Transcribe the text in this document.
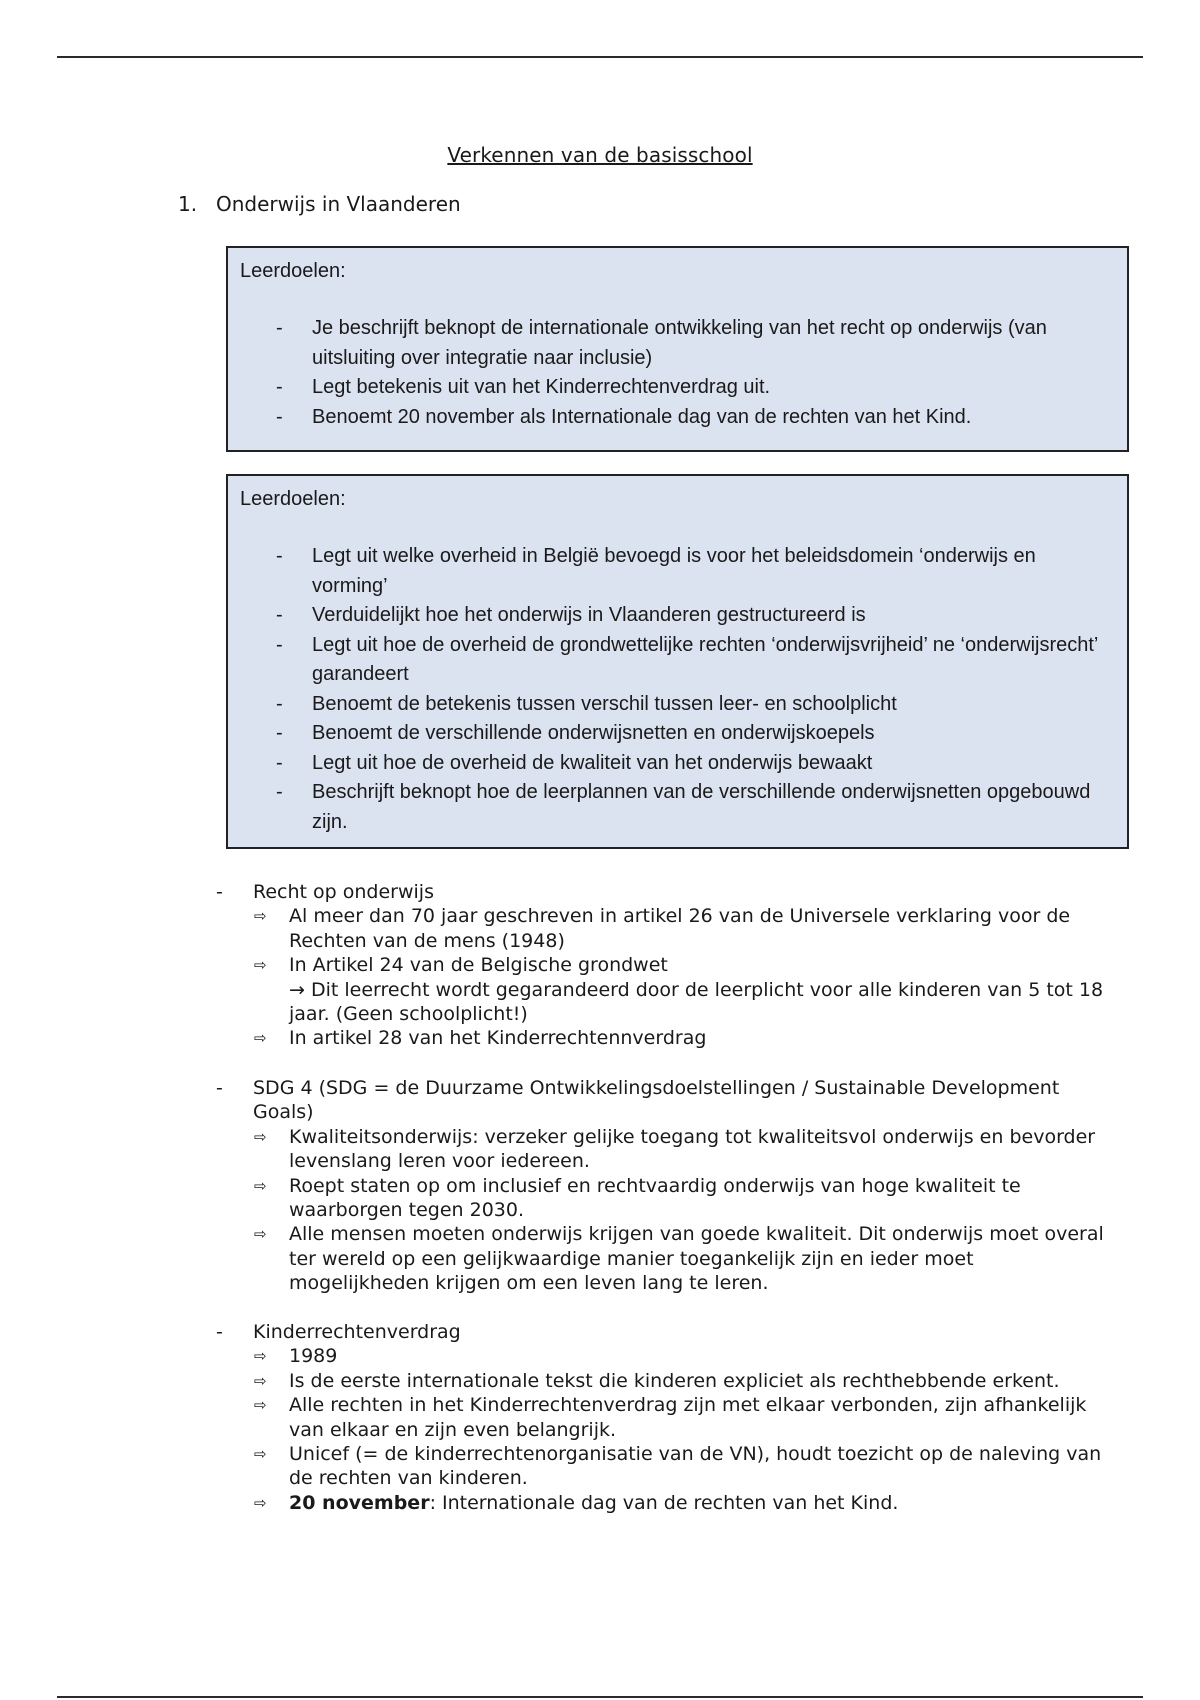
Verkennen van de basisschool
1. Onderwijs in Vlaanderen
Leerdoelen:
- Je beschrijft beknopt de internationale ontwikkeling van het recht op onderwijs (van uitsluiting over integratie naar inclusie)
- Legt betekenis uit van het Kinderrechtenverdrag uit.
- Benoemt 20 november als Internationale dag van de rechten van het Kind.
Leerdoelen:
- Legt uit welke overheid in België bevoegd is voor het beleidsdomein ‘onderwijs en vorming’
- Verduidelijkt hoe het onderwijs in Vlaanderen gestructureerd is
- Legt uit hoe de overheid de grondwettelijke rechten ‘onderwijsvrijheid’ ne ‘onderwijsrecht’ garandeert
- Benoemt de betekenis tussen verschil tussen leer- en schoolplicht
- Benoemt de verschillende onderwijsnetten en onderwijskoepels
- Legt uit hoe de overheid de kwaliteit van het onderwijs bewaakt
- Beschrijft beknopt hoe de leerplannen van de verschillende onderwijsnetten opgebouwd zijn.
- Recht op onderwijs
⇨ Al meer dan 70 jaar geschreven in artikel 26 van de Universele verklaring voor de Rechten van de mens (1948)
⇨ In Artikel 24 van de Belgische grondwet
→ Dit leerrecht wordt gegarandeerd door de leerplicht voor alle kinderen van 5 tot 18 jaar. (Geen schoolplicht!)
⇨ In artikel 28 van het Kinderrechtennverdrag
- SDG 4 (SDG = de Duurzame Ontwikkelingsdoelstellingen / Sustainable Development Goals)
⇨ Kwaliteitsonderwijs: verzeker gelijke toegang tot kwaliteitsvol onderwijs en bevorder levenslang leren voor iedereen.
⇨ Roept staten op om inclusief en rechtvaardig onderwijs van hoge kwaliteit te waarborgen tegen 2030.
⇨ Alle mensen moeten onderwijs krijgen van goede kwaliteit. Dit onderwijs moet overal ter wereld op een gelijkwaardige manier toegankelijk zijn en ieder moet mogelijkheden krijgen om een leven lang te leren.
- Kinderrechtenverdrag
⇨ 1989
⇨ Is de eerste internationale tekst die kinderen expliciet als rechthebbende erkent.
⇨ Alle rechten in het Kinderrechtenverdrag zijn met elkaar verbonden, zijn afhankelijk van elkaar en zijn even belangrijk.
⇨ Unicef (= de kinderrechtenorganisatie van de VN), houdt toezicht op de naleving van de rechten van kinderen.
⇨ 20 november: Internationale dag van de rechten van het Kind.
